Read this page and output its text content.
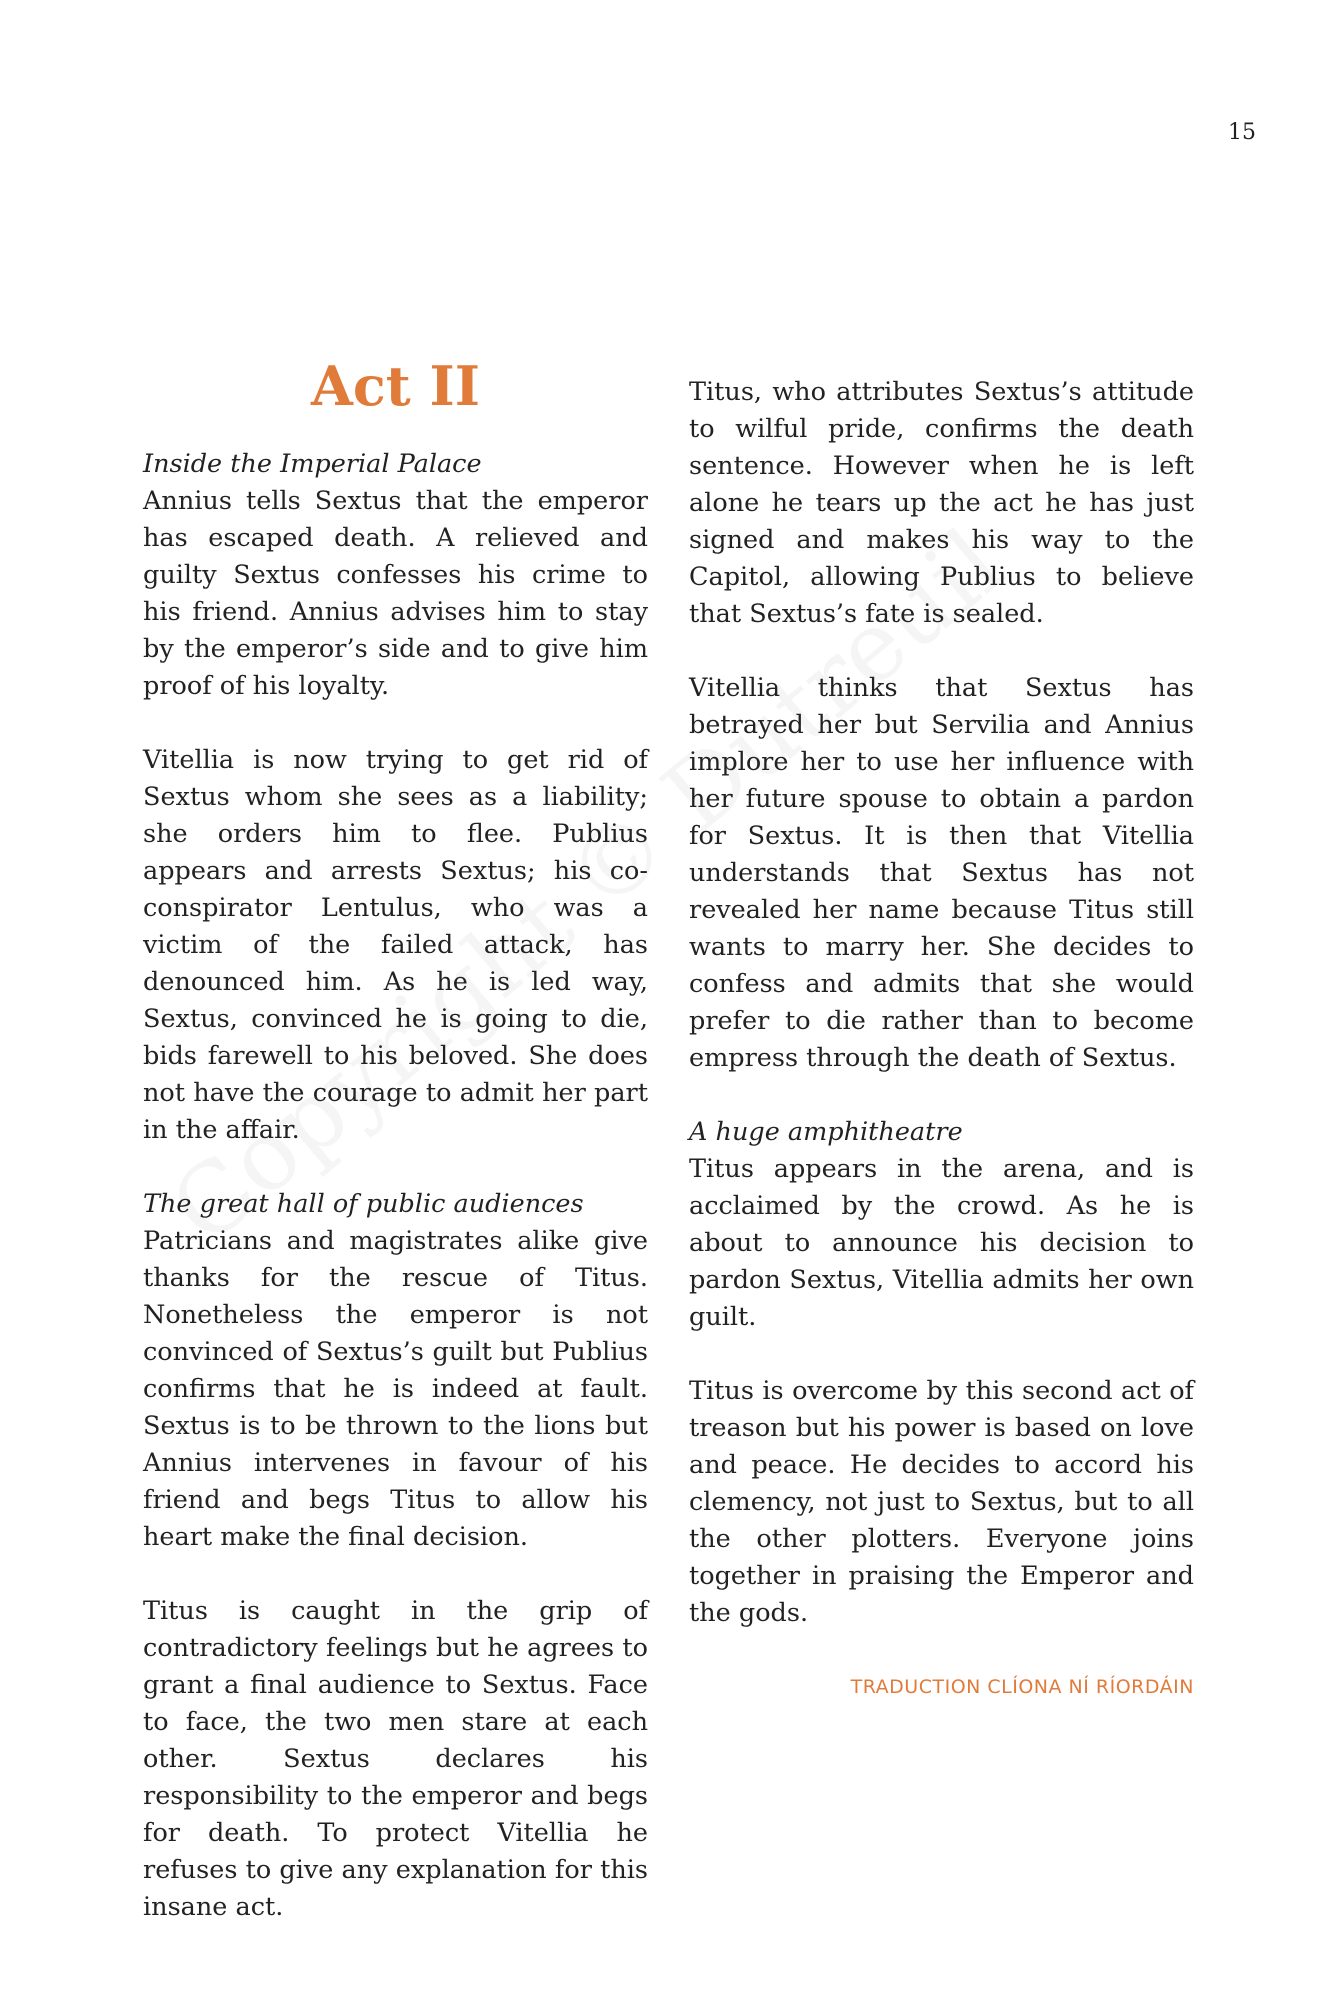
15
Act II
Inside the Imperial Palace

Annius tells Sextus that the emperor has escaped death. A relieved and guilty Sextus confesses his crime to his friend. Annius advises him to stay by the emperor’s side and to give him proof of his loyalty.

Vitellia is now trying to get rid of Sextus whom she sees as a liability; she orders him to flee. Publius appears and arrests Sextus; his co-conspirator Lentulus, who was a victim of the failed attack, has denounced him. As he is led way, Sextus, convinced he is going to die, bids farewell to his beloved. She does not have the courage to admit her part in the affair.

The great hall of public audiences

Patricians and magistrates alike give thanks for the rescue of Titus. Nonetheless the emperor is not convinced of Sextus’s guilt but Publius confirms that he is indeed at fault. Sextus is to be thrown to the lions but Annius intervenes in favour of his friend and begs Titus to allow his heart make the final decision.

Titus is caught in the grip of contradictory feelings but he agrees to grant a final audience to Sextus. Face to face, the two men stare at each other. Sextus declares his responsibility to the emperor and begs for death. To protect Vitellia he refuses to give any explanation for this insane act.

Titus, who attributes Sextus’s attitude to wilful pride, confirms the death sentence. However when he is left alone he tears up the act he has just signed and makes his way to the Capitol, allowing Publius to believe that Sextus’s fate is sealed.

Vitellia thinks that Sextus has betrayed her but Servilia and Annius implore her to use her influence with her future spouse to obtain a pardon for Sextus. It is then that Vitellia understands that Sextus has not revealed her name because Titus still wants to marry her. She decides to confess and admits that she would prefer to die rather than to become empress through the death of Sextus.

A huge amphitheatre

Titus appears in the arena, and is acclaimed by the crowd. As he is about to announce his decision to pardon Sextus, Vitellia admits her own guilt.

Titus is overcome by this second act of treason but his power is based on love and peace. He decides to accord his clemency, not just to Sextus, but to all the other plotters. Everyone joins together in praising the Emperor and the gods.

TRADUCTION CLÍONA NÍ RÍORDÁIN
